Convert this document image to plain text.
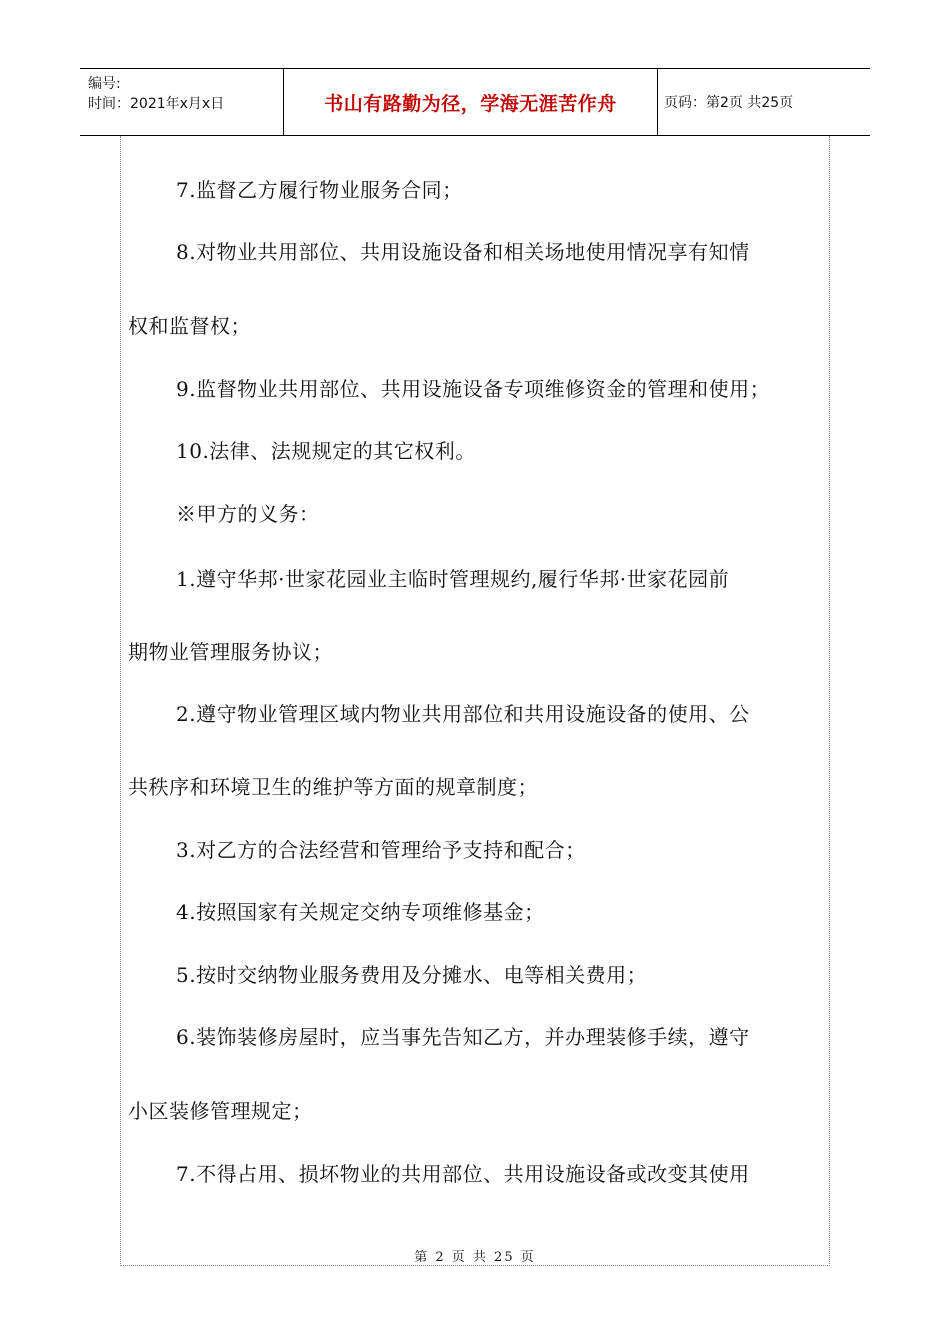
编号:
时间：2021年x月x日	书山有路勤为径，学海无涯苦作舟	页码：第2页 共25页
7.监督乙方履行物业服务合同；
8.对物业共用部位、共用设施设备和相关场地使用情况享有知情
权和监督权；
9.监督物业共用部位、共用设施设备专项维修资金的管理和使用；
10.法律、法规规定的其它权利。
※甲方的义务：
1.遵守华邦·世家花园业主临时管理规约,履行华邦·世家花园前
期物业管理服务协议；
2.遵守物业管理区域内物业共用部位和共用设施设备的使用、公
共秩序和环境卫生的维护等方面的规章制度；
3.对乙方的合法经营和管理给予支持和配合；
4.按照国家有关规定交纳专项维修基金；
5.按时交纳物业服务费用及分摊水、电等相关费用；
6.装饰装修房屋时，应当事先告知乙方，并办理装修手续，遵守
小区装修管理规定；
7.不得占用、损坏物业的共用部位、共用设施设备或改变其使用
第 2 页 共 25 页
